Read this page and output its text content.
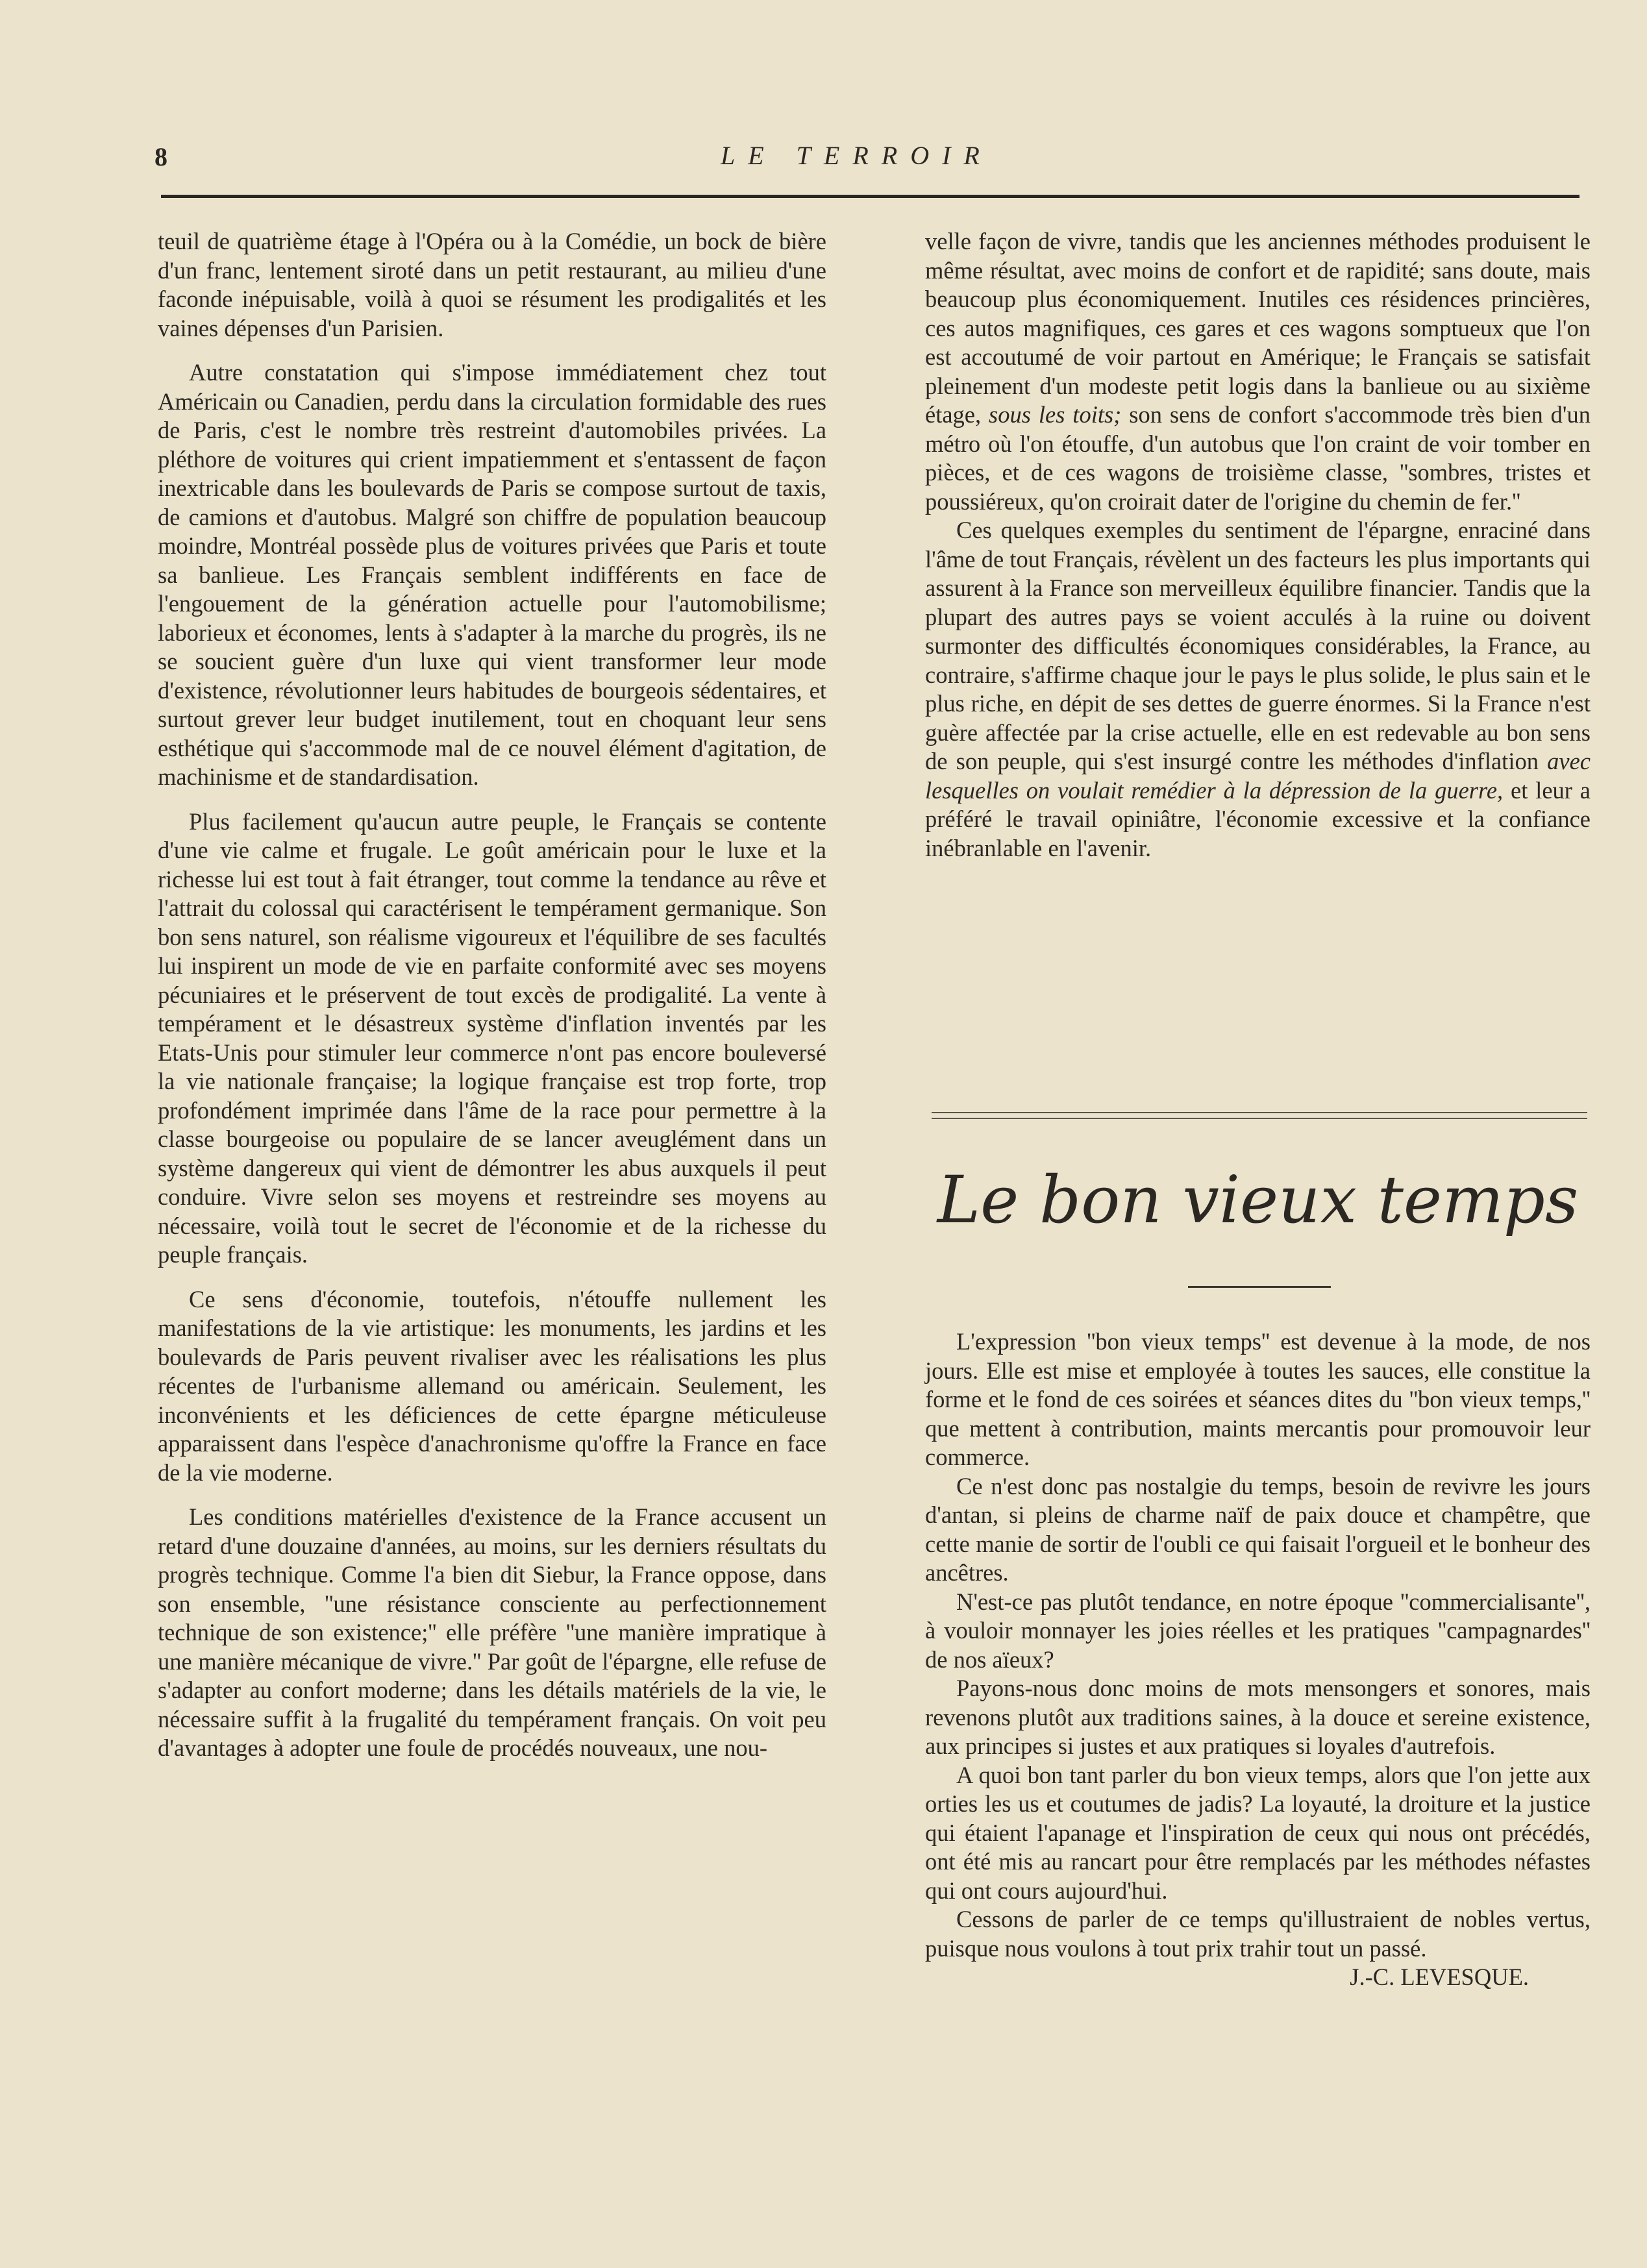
8	LE TERROIR

teuil de quatrième étage à l'Opéra ou à la Comédie, un bock de bière d'un franc, lentement siroté dans un petit restaurant, au milieu d'une faconde inépuisable, voilà à quoi se résument les prodigalités et les vaines dépenses d'un Parisien.

Autre constatation qui s'impose immédiatement chez tout Américain ou Canadien, perdu dans la circulation formidable des rues de Paris, c'est le nombre très restreint d'automobiles privées. La pléthore de voitures qui crient impatiemment et s'entassent de façon inextricable dans les boulevards de Paris se compose surtout de taxis, de camions et d'autobus. Malgré son chiffre de population beaucoup moindre, Montréal possède plus de voitures privées que Paris et toute sa banlieue. Les Français semblent indifférents en face de l'engouement de la génération actuelle pour l'automobilisme; laborieux et économes, lents à s'adapter à la marche du progrès, ils ne se soucient guère d'un luxe qui vient transformer leur mode d'existence, révolutionner leurs habitudes de bourgeois sédentaires, et surtout grever leur budget inutilement, tout en choquant leur sens esthétique qui s'accommode mal de ce nouvel élément d'agitation, de machinisme et de standardisation.

Plus facilement qu'aucun autre peuple, le Français se contente d'une vie calme et frugale. Le goût américain pour le luxe et la richesse lui est tout à fait étranger, tout comme la tendance au rêve et l'attrait du colossal qui caractérisent le tempérament germanique. Son bon sens naturel, son réalisme vigoureux et l'équilibre de ses facultés lui inspirent un mode de vie en parfaite conformité avec ses moyens pécuniaires et le préservent de tout excès de prodigalité. La vente à tempérament et le désastreux système d'inflation inventés par les Etats-Unis pour stimuler leur commerce n'ont pas encore bouleversé la vie nationale française; la logique française est trop forte, trop profondément imprimée dans l'âme de la race pour permettre à la classe bourgeoise ou populaire de se lancer aveuglément dans un système dangereux qui vient de démontrer les abus auxquels il peut conduire. Vivre selon ses moyens et restreindre ses moyens au nécessaire, voilà tout le secret de l'économie et de la richesse du peuple français.

Ce sens d'économie, toutefois, n'étouffe nullement les manifestations de la vie artistique: les monuments, les jardins et les boulevards de Paris peuvent rivaliser avec les réalisations les plus récentes de l'urbanisme allemand ou américain. Seulement, les inconvénients et les déficiences de cette épargne méticuleuse apparaissent dans l'espèce d'anachronisme qu'offre la France en face de la vie moderne.

Les conditions matérielles d'existence de la France accusent un retard d'une douzaine d'années, au moins, sur les derniers résultats du progrès technique. Comme l'a bien dit Siebur, la France oppose, dans son ensemble, ''une résistance consciente au perfectionnement technique de son existence;'' elle préfère ''une manière impratique à une manière mécanique de vivre.'' Par goût de l'épargne, elle refuse de s'adapter au confort moderne; dans les détails matériels de la vie, le nécessaire suffit à la frugalité du tempérament français. On voit peu d'avantages à adopter une foule de procédés nouveaux, une nou-

velle façon de vivre, tandis que les anciennes méthodes produisent le même résultat, avec moins de confort et de rapidité; sans doute, mais beaucoup plus économiquement. Inutiles ces résidences princières, ces autos magnifiques, ces gares et ces wagons somptueux que l'on est accoutumé de voir partout en Amérique; le Français se satisfait pleinement d'un modeste petit logis dans la banlieue ou au sixième étage, sous les toits; son sens de confort s'accommode très bien d'un métro où l'on étouffe, d'un autobus que l'on craint de voir tomber en pièces, et de ces wagons de troisième classe, ''sombres, tristes et poussiéreux, qu'on croirait dater de l'origine du chemin de fer.''

Ces quelques exemples du sentiment de l'épargne, enraciné dans l'âme de tout Français, révèlent un des facteurs les plus importants qui assurent à la France son merveilleux équilibre financier. Tandis que la plupart des autres pays se voient acculés à la ruine ou doivent surmonter des difficultés économiques considérables, la France, au contraire, s'affirme chaque jour le pays le plus solide, le plus sain et le plus riche, en dépit de ses dettes de guerre énormes. Si la France n'est guère affectée par la crise actuelle, elle en est redevable au bon sens de son peuple, qui s'est insurgé contre les méthodes d'inflation avec lesquelles on voulait remédier à la dépression de la guerre, et leur a préféré le travail opiniâtre, l'économie excessive et la confiance inébranlable en l'avenir.

Le bon vieux temps

L'expression ''bon vieux temps'' est devenue à la mode, de nos jours. Elle est mise et employée à toutes les sauces, elle constitue la forme et le fond de ces soirées et séances dites du ''bon vieux temps,'' que mettent à contribution, maints mercantis pour promouvoir leur commerce.

Ce n'est donc pas nostalgie du temps, besoin de revivre les jours d'antan, si pleins de charme naïf de paix douce et champêtre, que cette manie de sortir de l'oubli ce qui faisait l'orgueil et le bonheur des ancêtres.

N'est-ce pas plutôt tendance, en notre époque ''commercialisante'', à vouloir monnayer les joies réelles et les pratiques ''campagnardes'' de nos aïeux?

Payons-nous donc moins de mots mensongers et sonores, mais revenons plutôt aux traditions saines, à la douce et sereine existence, aux principes si justes et aux pratiques si loyales d'autrefois.

A quoi bon tant parler du bon vieux temps, alors que l'on jette aux orties les us et coutumes de jadis? La loyauté, la droiture et la justice qui étaient l'apanage et l'inspiration de ceux qui nous ont précédés, ont été mis au rancart pour être remplacés par les méthodes néfastes qui ont cours aujourd'hui.

Cessons de parler de ce temps qu'illustraient de nobles vertus, puisque nous voulons à tout prix trahir tout un passé.

J.-C. LEVESQUE.
